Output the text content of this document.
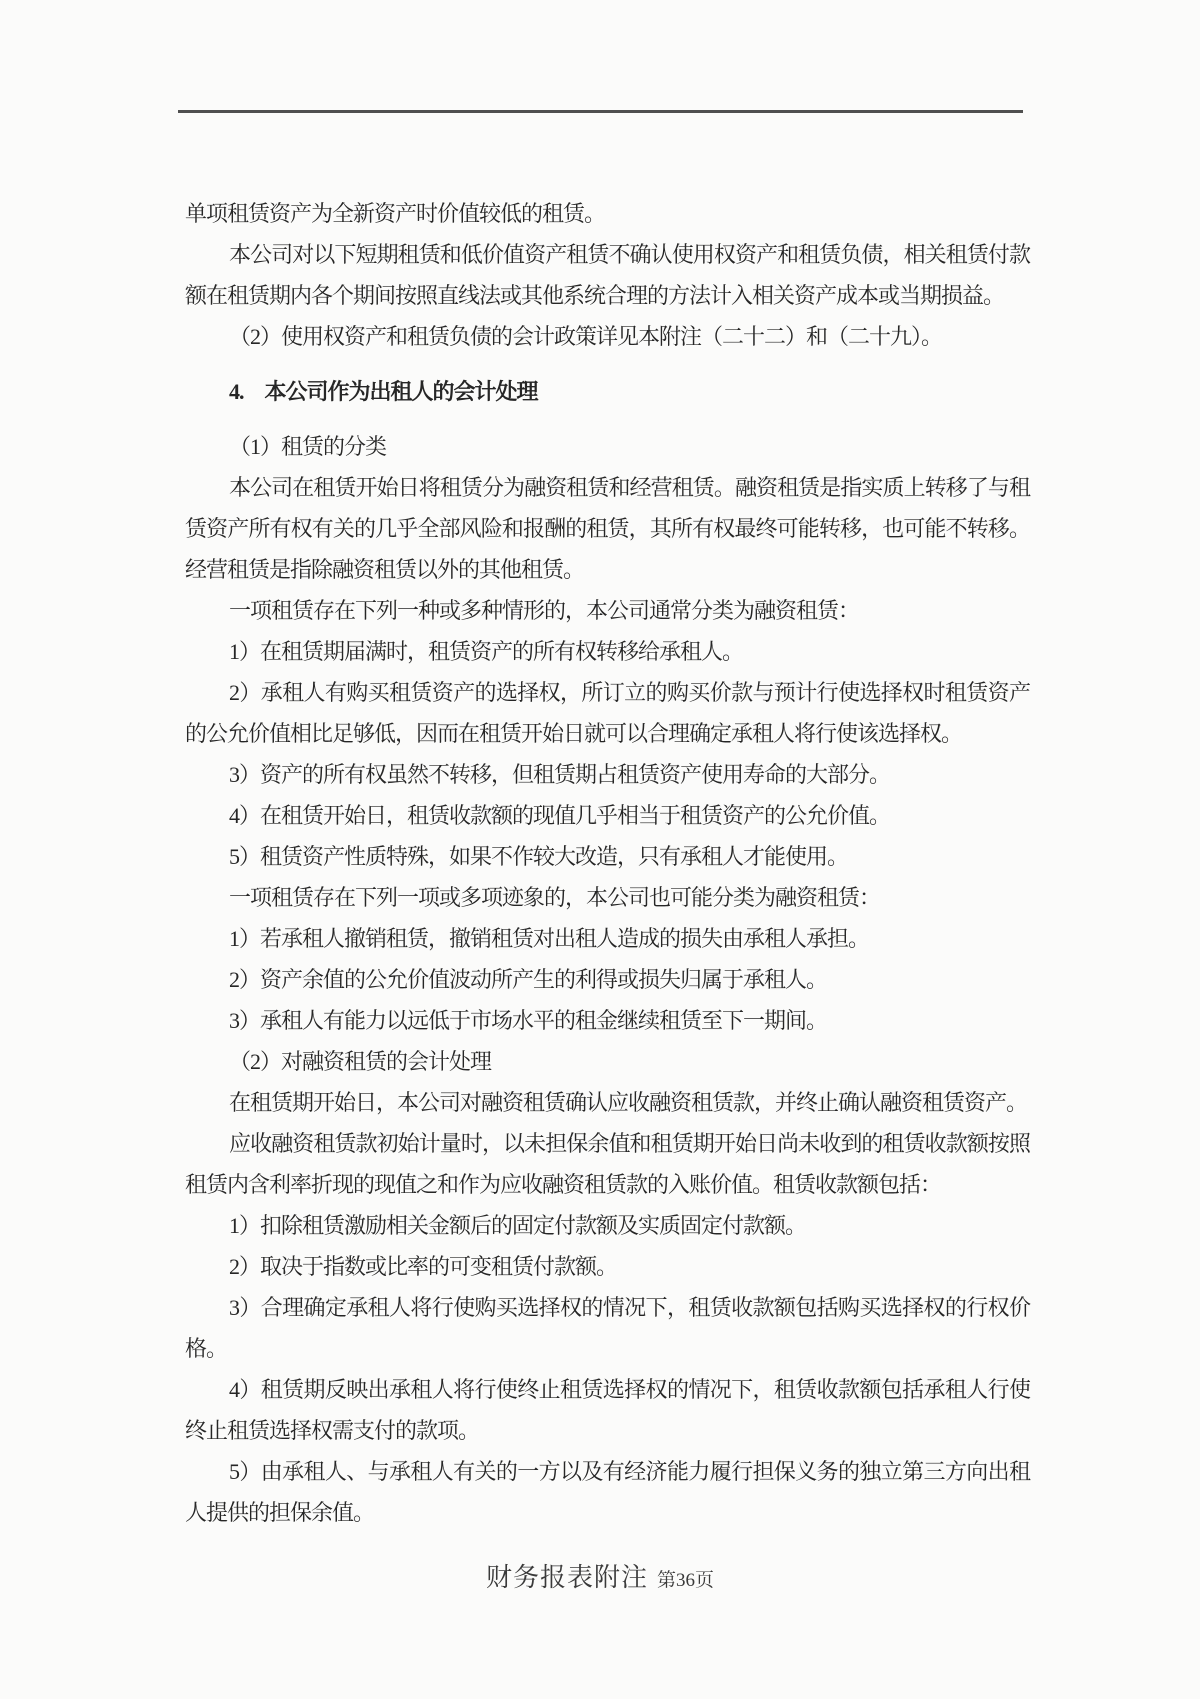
单项租赁资产为全新资产时价值较低的租赁。

本公司对以下短期租赁和低价值资产租赁不确认使用权资产和租赁负债，相关租赁付款额在租赁期内各个期间按照直线法或其他系统合理的方法计入相关资产成本或当期损益。

（2）使用权资产和租赁负债的会计政策详见本附注（二十二）和（二十九）。

4.　本公司作为出租人的会计处理

（1）租赁的分类

本公司在租赁开始日将租赁分为融资租赁和经营租赁。融资租赁是指实质上转移了与租赁资产所有权有关的几乎全部风险和报酬的租赁，其所有权最终可能转移，也可能不转移。经营租赁是指除融资租赁以外的其他租赁。

一项租赁存在下列一种或多种情形的，本公司通常分类为融资租赁：

1）在租赁期届满时，租赁资产的所有权转移给承租人。

2）承租人有购买租赁资产的选择权，所订立的购买价款与预计行使选择权时租赁资产的公允价值相比足够低，因而在租赁开始日就可以合理确定承租人将行使该选择权。

3）资产的所有权虽然不转移，但租赁期占租赁资产使用寿命的大部分。

4）在租赁开始日，租赁收款额的现值几乎相当于租赁资产的公允价值。

5）租赁资产性质特殊，如果不作较大改造，只有承租人才能使用。

一项租赁存在下列一项或多项迹象的，本公司也可能分类为融资租赁：

1）若承租人撤销租赁，撤销租赁对出租人造成的损失由承租人承担。

2）资产余值的公允价值波动所产生的利得或损失归属于承租人。

3）承租人有能力以远低于市场水平的租金继续租赁至下一期间。

（2）对融资租赁的会计处理

在租赁期开始日，本公司对融资租赁确认应收融资租赁款，并终止确认融资租赁资产。

应收融资租赁款初始计量时，以未担保余值和租赁期开始日尚未收到的租赁收款额按照租赁内含利率折现的现值之和作为应收融资租赁款的入账价值。租赁收款额包括：

1）扣除租赁激励相关金额后的固定付款额及实质固定付款额。

2）取决于指数或比率的可变租赁付款额。

3）合理确定承租人将行使购买选择权的情况下，租赁收款额包括购买选择权的行权价格。

4）租赁期反映出承租人将行使终止租赁选择权的情况下，租赁收款额包括承租人行使终止租赁选择权需支付的款项。

5）由承租人、与承租人有关的一方以及有经济能力履行担保义务的独立第三方向出租人提供的担保余值。

财务报表附注 第36页
